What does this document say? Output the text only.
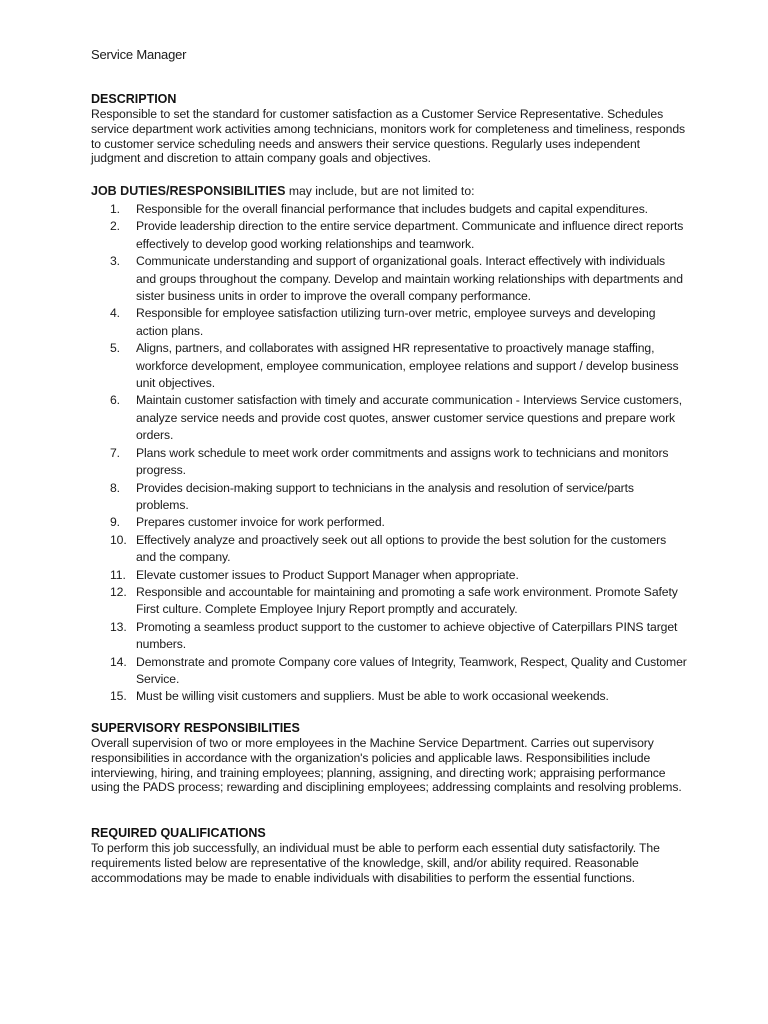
Service Manager
DESCRIPTION
Responsible to set the standard for customer satisfaction as a Customer Service Representative. Schedules service department work activities among technicians, monitors work for completeness and timeliness, responds to customer service scheduling needs and answers their service questions. Regularly uses independent judgment and discretion to attain company goals and objectives.
JOB DUTIES/RESPONSIBILITIES may include, but are not limited to:
1.	Responsible for the overall financial performance that includes budgets and capital expenditures.
2.	Provide leadership direction to the entire service department. Communicate and influence direct reports effectively to develop good working relationships and teamwork.
3.	Communicate understanding and support of organizational goals. Interact effectively with individuals and groups throughout the company. Develop and maintain working relationships with departments and sister business units in order to improve the overall company performance.
4.	Responsible for employee satisfaction utilizing turn-over metric, employee surveys and developing action plans.
5.	Aligns, partners, and collaborates with assigned HR representative to proactively manage staffing, workforce development, employee communication, employee relations and support / develop business unit objectives.
6.	Maintain customer satisfaction with timely and accurate communication - Interviews Service customers, analyze service needs and provide cost quotes, answer customer service questions and prepare work orders.
7.	Plans work schedule to meet work order commitments and assigns work to technicians and monitors progress.
8.	Provides decision-making support to technicians in the analysis and resolution of service/parts problems.
9.	Prepares customer invoice for work performed.
10. Effectively analyze and proactively seek out all options to provide the best solution for the customers and the company.
11. Elevate customer issues to Product Support Manager when appropriate.
12. Responsible and accountable for maintaining and promoting a safe work environment. Promote Safety First culture. Complete Employee Injury Report promptly and accurately.
13. Promoting a seamless product support to the customer to achieve objective of Caterpillars PINS target numbers.
14. Demonstrate and promote Company core values of Integrity, Teamwork, Respect, Quality and Customer Service.
15. Must be willing visit customers and suppliers. Must be able to work occasional weekends.
SUPERVISORY RESPONSIBILITIES
Overall supervision of two or more employees in the Machine Service Department. Carries out supervisory responsibilities in accordance with the organization's policies and applicable laws. Responsibilities include interviewing, hiring, and training employees; planning, assigning, and directing work; appraising performance using the PADS process; rewarding and disciplining employees; addressing complaints and resolving problems.
REQUIRED QUALIFICATIONS
To perform this job successfully, an individual must be able to perform each essential duty satisfactorily. The requirements listed below are representative of the knowledge, skill, and/or ability required. Reasonable accommodations may be made to enable individuals with disabilities to perform the essential functions.
